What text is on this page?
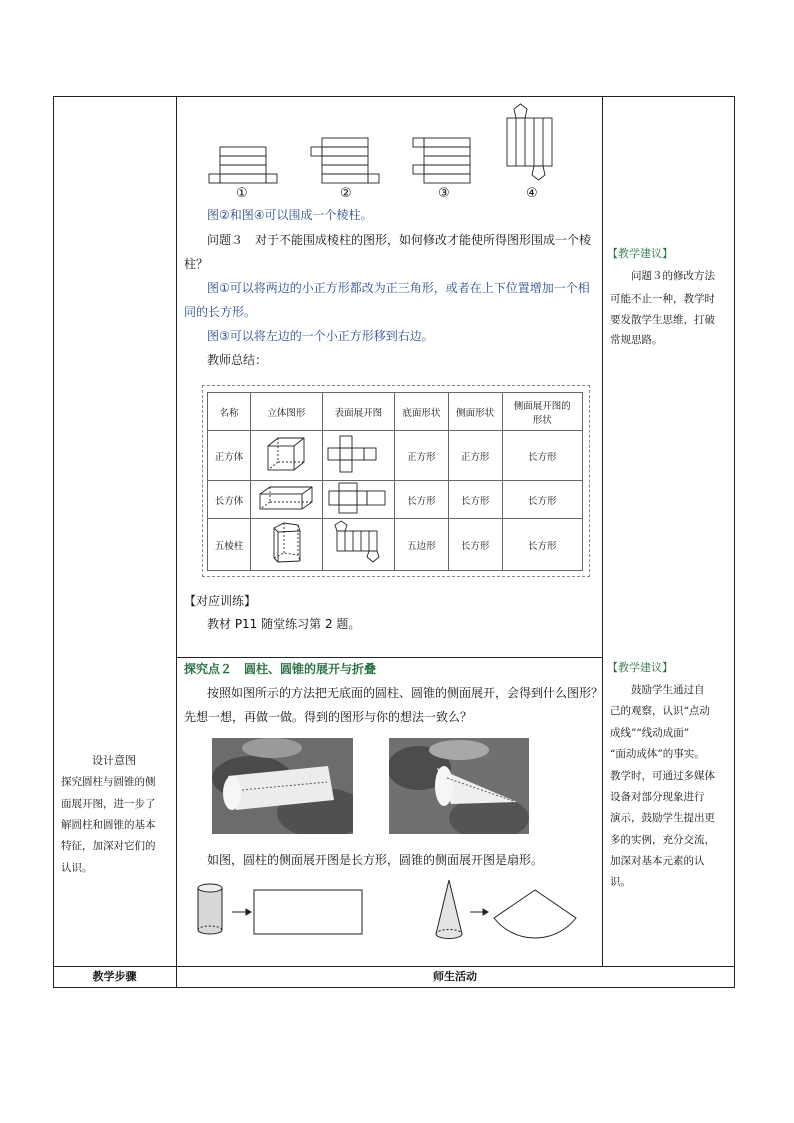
①	②	③	④
图②和图④可以围成一个棱柱。
问题３　对于不能围成棱柱的图形，如何修改才能使所得图形围成一个棱
柱？
图①可以将两边的小正方形都改为正三角形，或者在上下位置增加一个相
同的长方形。
图③可以将左边的一个小正方形移到右边。
教师总结：
名称	立体图形	表面展开图	底面形状	侧面形状	侧面展开图的形状
正方体			正方形	正方形	长方形
长方体			长方形	长方形	长方形
五棱柱			五边形	长方形	长方形
【对应训练】
教材 P11 随堂练习第 2 题。
【教学建议】
问题３的修改方法
可能不止一种，教学时
要发散学生思维，打破
常规思路。
探究点２　圆柱、圆锥的展开与折叠
按照如图所示的方法把无底面的圆柱、圆锥的侧面展开，会得到什么图形？
先想一想，再做一做。得到的图形与你的想法一致么？
如图，圆柱的侧面展开图是长方形，圆锥的侧面展开图是扇形。
设计意图
探究圆柱与圆锥的侧
面展开图，进一步了
解圆柱和圆锥的基本
特征，加深对它们的
认识。
【教学建议】
鼓励学生通过自
己的观察，认识“点动
成线”“线动成面”
“面动成体”的事实。
教学时，可通过多媒体
设备对部分现象进行
演示，鼓励学生提出更
多的实例，充分交流，
加深对基本元素的认
识。
教学步骤	师生活动
